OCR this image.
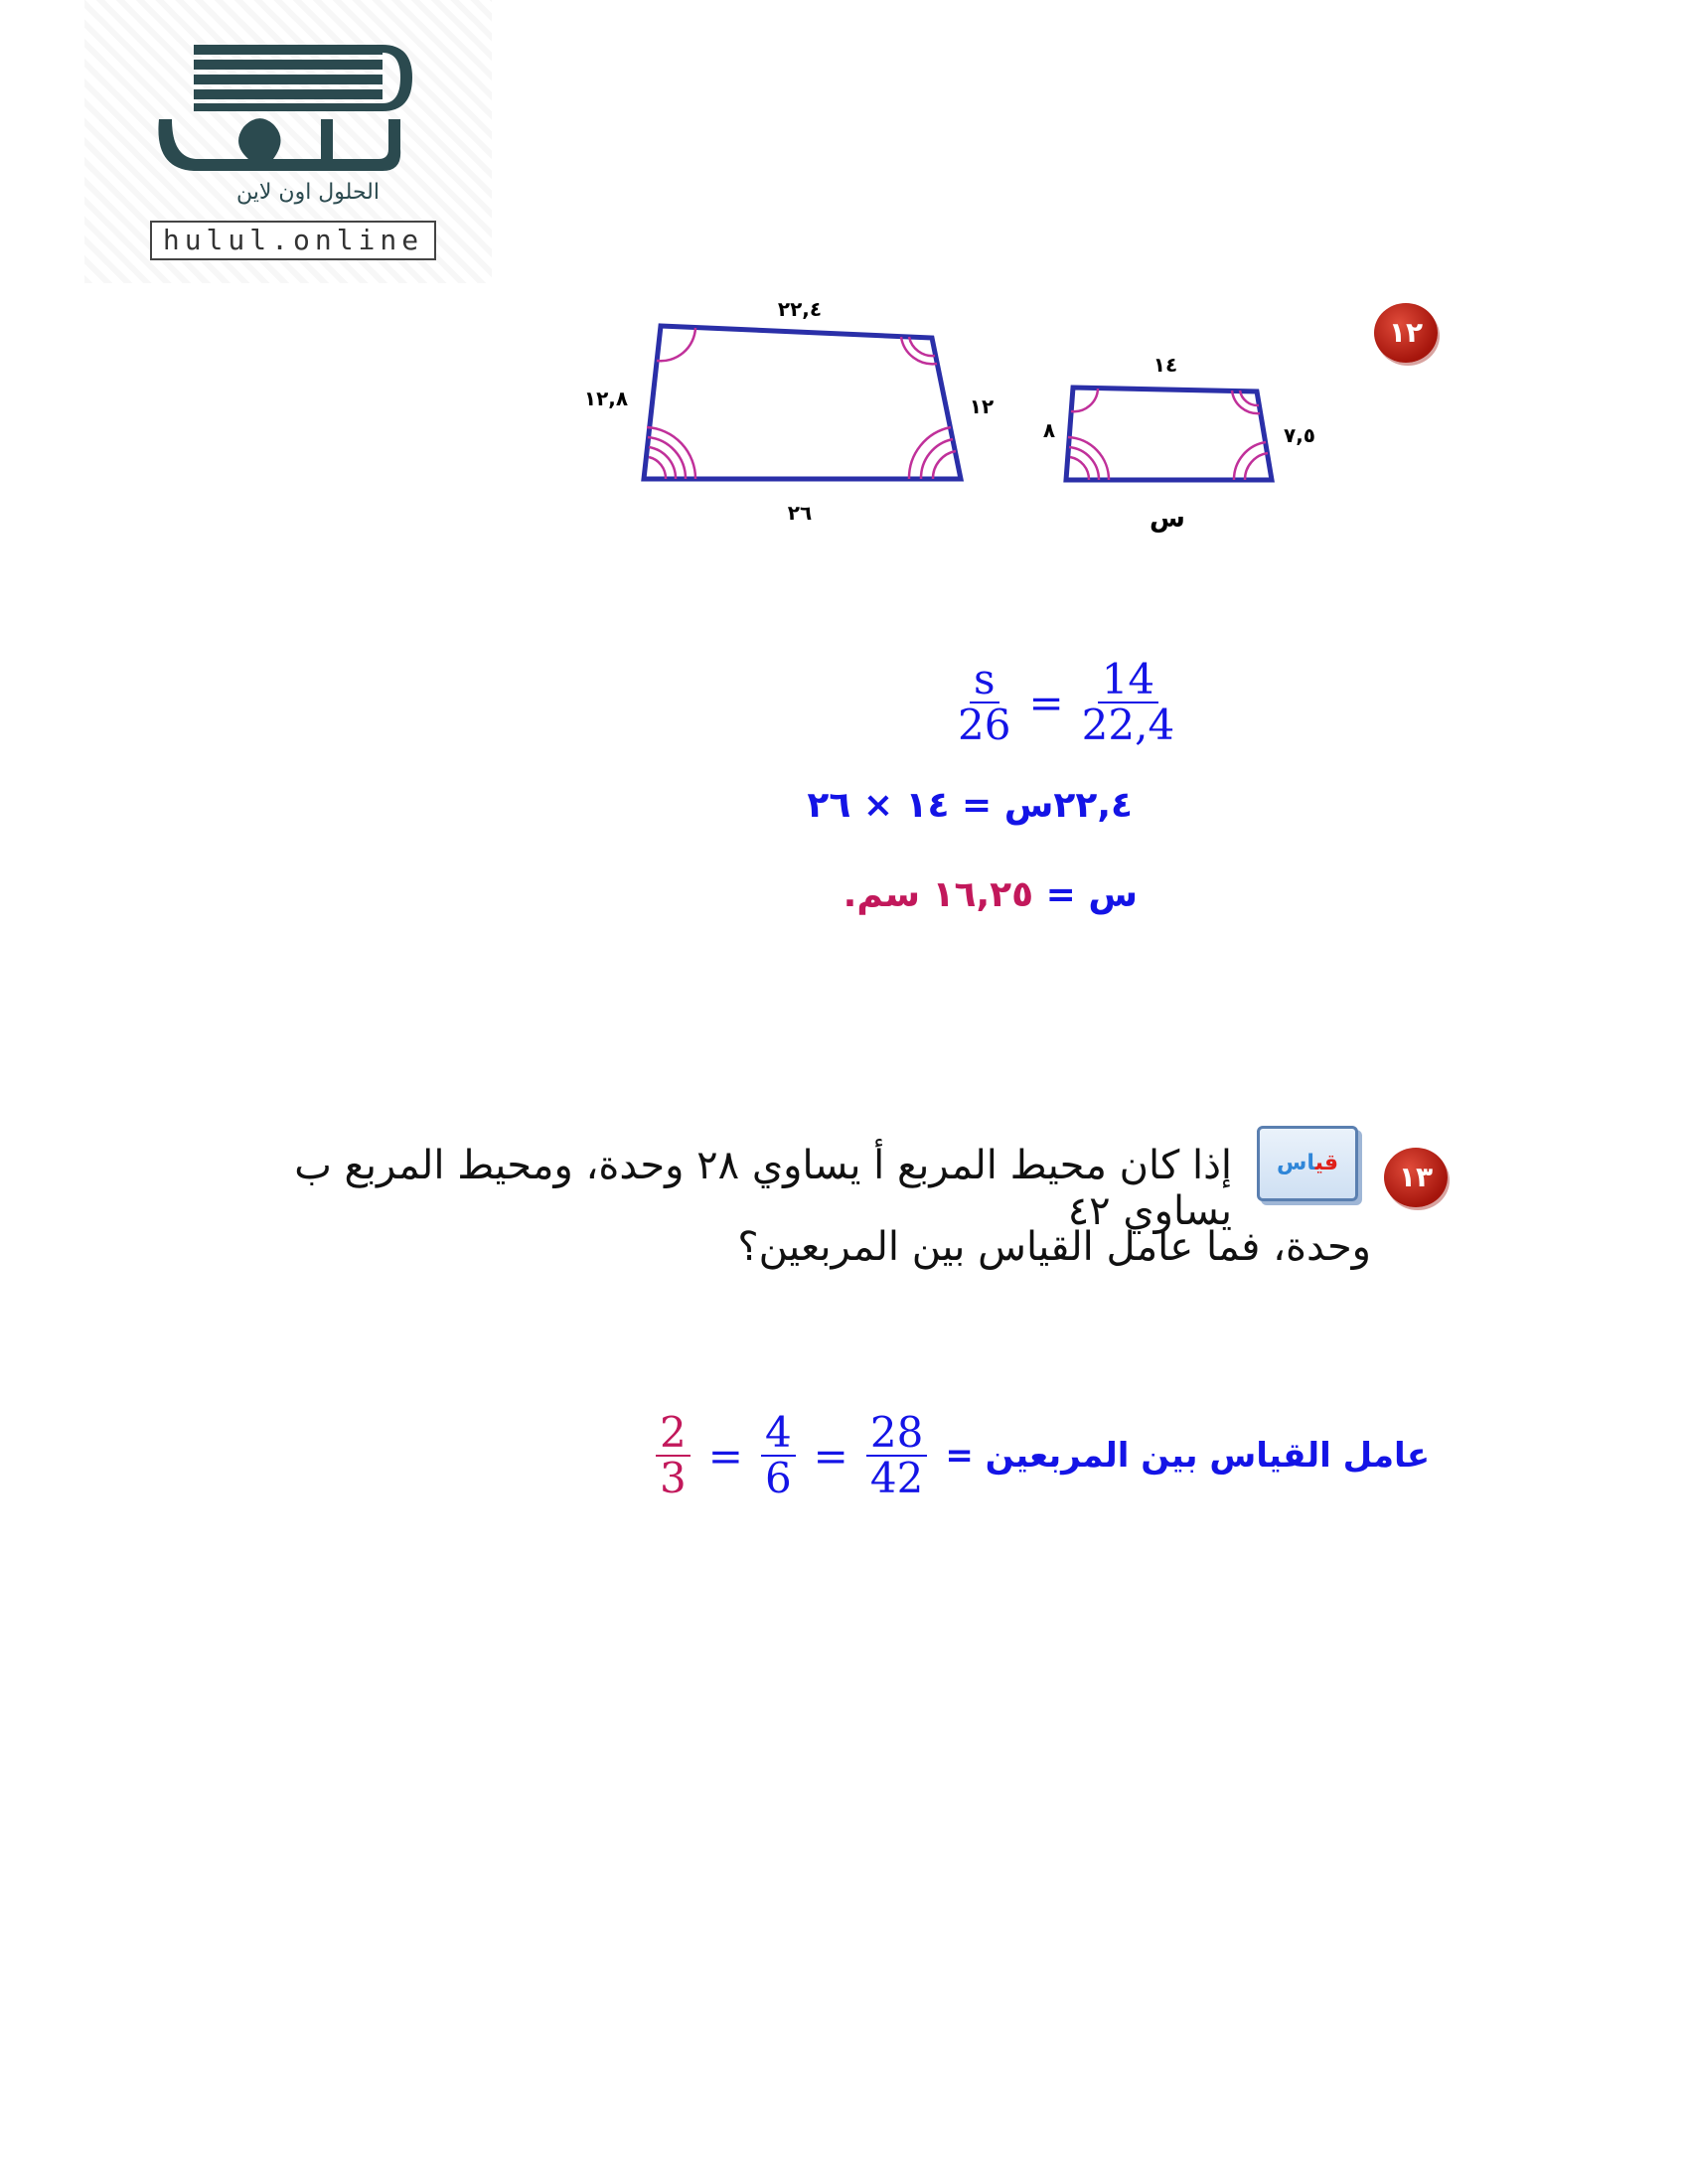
الحلول اون لاين
hulul.online
١٢
٢٢,٤
١٢,٨	١٢
٢٦
١٤
٨	٧,٥
س
$\frac{s}{26} = \frac{14}{22,4}$
٢٢,٤س = ١٤ × ٢٦
س = ١٦,٢٥ سم.
١٣
قياس
إذا كان محيط المربع أ يساوي ٢٨ وحدة، ومحيط المربع ب يساوي ٤٢
وحدة، فما عامل القياس بين المربعين؟
$\frac{2}{3} = \frac{4}{6} = \frac{28}{42}$ عامل القياس بين المربعين =
